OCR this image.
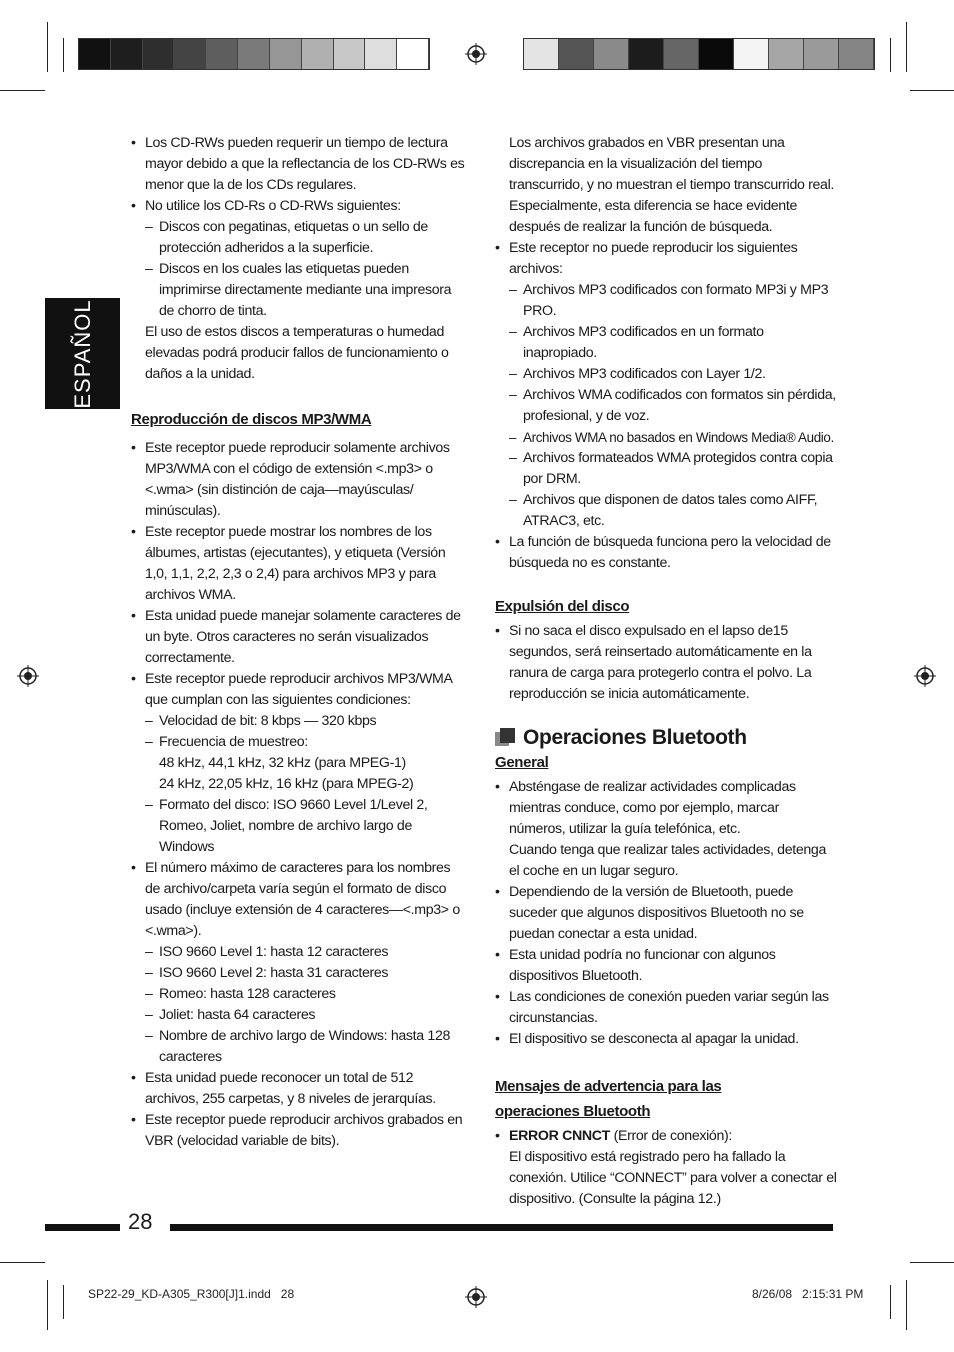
ESPAÑOL

• Los CD-RWs pueden requerir un tiempo de lectura mayor debido a que la reflectancia de los CD-RWs es menor que la de los CDs regulares.

• No utilice los CD-Rs o CD-RWs siguientes:

– Discos con pegatinas, etiquetas o un sello de protección adheridos a la superficie.

– Discos en los cuales las etiquetas pueden imprimirse directamente mediante una impresora de chorro de tinta.

El uso de estos discos a temperaturas o humedad elevadas podrá producir fallos de funcionamiento o daños a la unidad.

Reproducción de discos MP3/WMA

• Este receptor puede reproducir solamente archivos MP3/WMA con el código de extensión <.mp3> o <.wma> (sin distinción de caja—mayúsculas/ minúsculas).

• Este receptor puede mostrar los nombres de los álbumes, artistas (ejecutantes), y etiqueta (Versión 1,0, 1,1, 2,2, 2,3 o 2,4) para archivos MP3 y para archivos WMA.

• Esta unidad puede manejar solamente caracteres de un byte. Otros caracteres no serán visualizados correctamente.

• Este receptor puede reproducir archivos MP3/WMA que cumplan con las siguientes condiciones:

– Velocidad de bit: 8 kbps — 320 kbps

– Frecuencia de muestreo:

48 kHz, 44,1 kHz, 32 kHz (para MPEG-1)

24 kHz, 22,05 kHz, 16 kHz (para MPEG-2)

– Formato del disco: ISO 9660 Level 1/Level 2, Romeo, Joliet, nombre de archivo largo de Windows

• El número máximo de caracteres para los nombres de archivo/carpeta varía según el formato de disco usado (incluye extensión de 4 caracteres—<.mp3> o <.wma>).

– ISO 9660 Level 1: hasta 12 caracteres

– ISO 9660 Level 2: hasta 31 caracteres

– Romeo: hasta 128 caracteres

– Joliet: hasta 64 caracteres

– Nombre de archivo largo de Windows: hasta 128 caracteres

• Esta unidad puede reconocer un total de 512 archivos, 255 carpetas, y 8 niveles de jerarquías.

• Este receptor puede reproducir archivos grabados en VBR (velocidad variable de bits).

Los archivos grabados en VBR presentan una discrepancia en la visualización del tiempo transcurrido, y no muestran el tiempo transcurrido real. Especialmente, esta diferencia se hace evidente después de realizar la función de búsqueda.

• Este receptor no puede reproducir los siguientes archivos:

– Archivos MP3 codificados con formato MP3i y MP3 PRO.

– Archivos MP3 codificados en un formato inapropiado.

– Archivos MP3 codificados con Layer 1/2.

– Archivos WMA codificados con formatos sin pérdida, profesional, y de voz.

– Archivos WMA no basados en Windows Media® Audio.

– Archivos formateados WMA protegidos contra copia por DRM.

– Archivos que disponen de datos tales como AIFF, ATRAC3, etc.

• La función de búsqueda funciona pero la velocidad de búsqueda no es constante.

Expulsión del disco

• Si no saca el disco expulsado en el lapso de15 segundos, será reinsertado automáticamente en la ranura de carga para protegerlo contra el polvo. La reproducción se inicia automáticamente.

Operaciones Bluetooth

General

• Absténgase de realizar actividades complicadas mientras conduce, como por ejemplo, marcar números, utilizar la guía telefónica, etc.

Cuando tenga que realizar tales actividades, detenga el coche en un lugar seguro.

• Dependiendo de la versión de Bluetooth, puede suceder que algunos dispositivos Bluetooth no se puedan conectar a esta unidad.

• Esta unidad podría no funcionar con algunos dispositivos Bluetooth.

• Las condiciones de conexión pueden variar según las circunstancias.

• El dispositivo se desconecta al apagar la unidad.

Mensajes de advertencia para las
operaciones Bluetooth

• ERROR CNNCT (Error de conexión):

El dispositivo está registrado pero ha fallado la conexión. Utilice “CONNECT” para volver a conectar el dispositivo. (Consulte la página 12.)

28
SP22-29_KD-A305_R300[J]1.indd   28	8/26/08   2:15:31 PM
